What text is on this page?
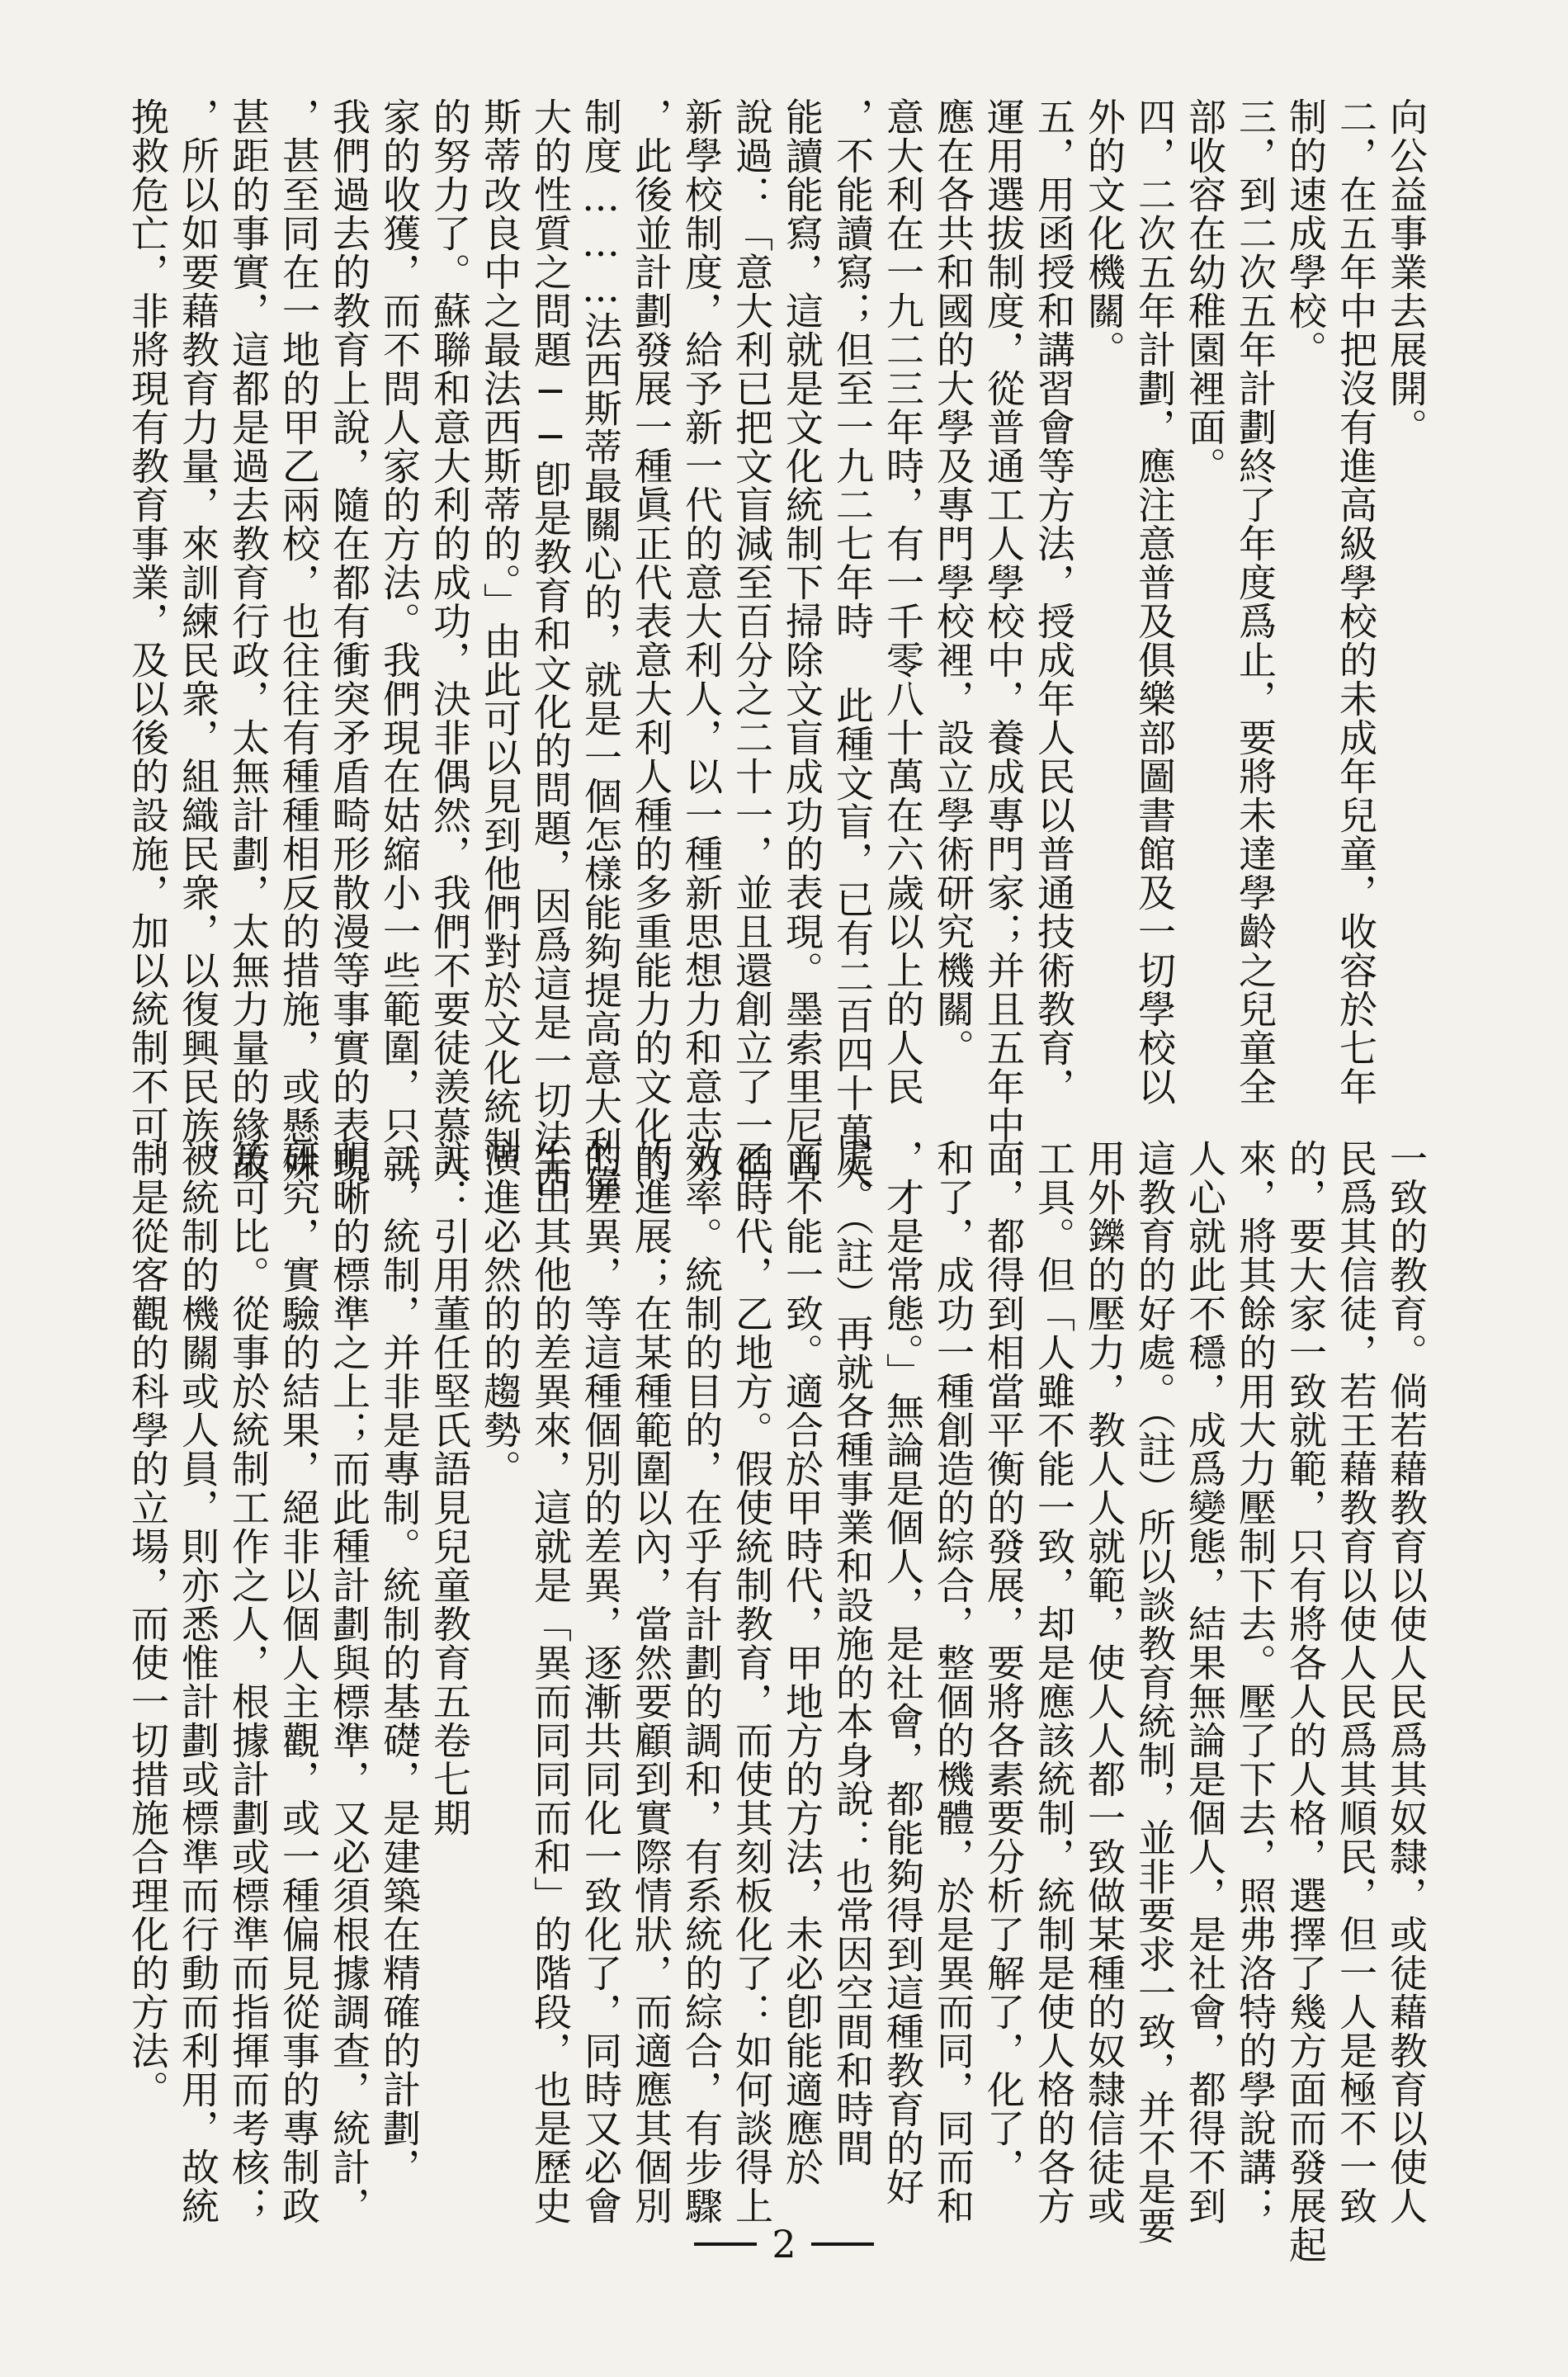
向公益事業去展開。
二，在五年中把沒有進高級學校的未成年兒童，收容於七年
制的速成學校。
三，到二次五年計劃終了年度爲止，要將未達學齡之兒童全
部收容在幼稚園裡面。
四，二次五年計劃，應注意普及俱樂部圖書館及一切學校以
外的文化機關。
五，用函授和講習會等方法，授成年人民以普通技術教育，
運用選拔制度，從普通工人學校中，養成專門家；并且五年中，
應在各共和國的大學及專門學校裡，設立學術研究機關。
意大利在一九二三年時，有一千零八十萬在六歲以上的人民
，不能讀寫；但至一九二七年時 此種文盲，已有二百四十萬人
能讀能寫，這就是文化統制下掃除文盲成功的表現。墨索里尼曾
說過：「意大利已把文盲減至百分之二十一，並且還創立了一個
新學校制度，給予新一代的意大利人，以一種新思想力和意志力
，此後並計劃發展一種眞正代表意大利人種的多重能力的文化的
制度………法西斯蒂最關心的，就是一個怎樣能夠提高意大利偉
大的性質之問題──卽是教育和文化的問題，因爲這是一切法西
斯蒂改良中之最法西斯蒂的。」由此可以見到他們對於文化統制
的努力了。蘇聯和意大利的成功，決非偶然，我們不要徒羨慕人
家的收獲，而不問人家的方法。我們現在姑縮小一些範圍，只就
我們過去的教育上說，隨在都有衝突矛盾畸形散漫等事實的表現
，甚至同在一地的甲乙兩校，也往往有種種相反的措施，或懸殊
甚距的事實，這都是過去教育行政，太無計劃，太無力量的緣故
，所以如要藉教育力量，來訓練民衆，組織民衆，以復興民族，
挽救危亡，非將現有教育事業，及以後的設施，加以統制不可。
一致的教育。倘若藉教育以使人民爲其奴隸，或徒藉教育以使人
民爲其信徒，若王藉教育以使人民爲其順民，但一人是極不一致
的，要大家一致就範，只有將各人的人格，選擇了幾方面而發展起
來，將其餘的用大力壓制下去。壓了下去，照弗洛特的學說講；
人心就此不穩，成爲變態，結果無論是個人，是社會，都得不到
這教育的好處。（註）所以談教育統制，並非要求一致，并不是要
用外鑠的壓力，教人人就範，使人人都一致做某種的奴隸信徒或
工具。但「人雖不能一致，却是應該統制，統制是使人格的各方
面，都得到相當平衡的發展，要將各素要分析了解了，化了，
和了，成功一種創造的綜合，整個的機體，於是異而同，同而和
，才是常態。」無論是個人，是社會，都能夠得到這種教育的好
處。（註）再就各種事業和設施的本身說：也常因空間和時間
而不能一致。適合於甲時代，甲地方的方法，未必卽能適應於
乙時代，乙地方。假使統制教育，而使其刻板化了：如何談得上
效率。統制的目的，在乎有計劃的調和，有系統的綜合，有步驟
的進展；在某種範圍以內，當然要顧到實際情狀，而適應其個別
的差異，等這種個別的差異，逐漸共同化一致化了，同時又必會
生出其他的差異來，這就是「異而同同而和」的階段，也是歷史
演進必然的的趨勢。
註：引用董任堅氏語見兒童教育五卷七期
二，統制，并非是專制。統制的基礎，是建築在精確的計劃，
明晰的標準之上；而此種計劃與標準，又必須根據調查，統計，
研究，實驗的結果，絕非以個人主觀，或一種偏見從事的專制政
策可比。從事於統制工作之人，根據計劃或標準而指揮而考核；
被統制的機關或人員，則亦悉惟計劃或標準而行動而利用，故統
制是從客觀的科學的立場，而使一切措施合理化的方法。
2
